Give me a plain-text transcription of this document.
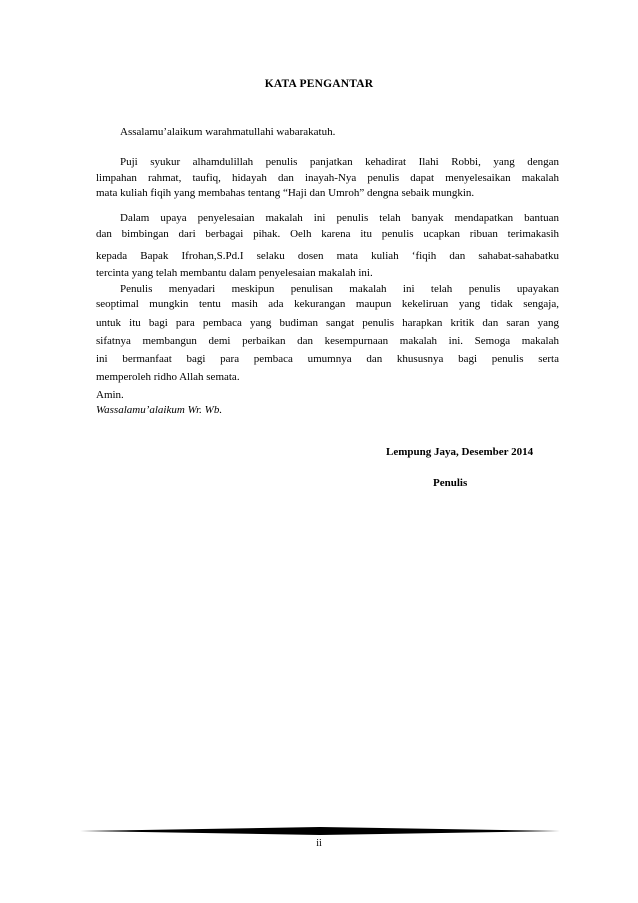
KATA PENGANTAR
Assalamu’alaikum warahmatullahi wabarakatuh.
Puji syukur alhamdulillah penulis panjatkan kehadirat Ilahi Robbi, yang dengan
limpahan rahmat, taufiq, hidayah dan inayah-Nya penulis dapat menyelesaikan makalah
mata kuliah fiqih yang membahas tentang “Haji dan Umroh” dengna sebaik mungkin.
Dalam upaya penyelesaian makalah ini penulis telah banyak mendapatkan bantuan
dan bimbingan dari berbagai pihak. Oelh karena itu penulis ucapkan ribuan terimakasih
kepada Bapak Ifrohan,S.Pd.I selaku dosen mata kuliah ‘fiqih dan sahabat-sahabatku
tercinta yang telah membantu dalam penyelesaian makalah ini.
Penulis menyadari meskipun penulisan makalah ini telah penulis upayakan
seoptimal mungkin tentu masih ada kekurangan maupun kekeliruan yang tidak sengaja,
untuk itu bagi para pembaca yang budiman sangat penulis harapkan kritik dan saran yang
sifatnya membangun demi perbaikan dan kesempurnaan makalah ini. Semoga makalah
ini bermanfaat bagi para pembaca umumnya dan khususnya bagi penulis serta
memperoleh ridho Allah semata.
Amin.
Wassalamu’alaikum Wr. Wb.
Lempung Jaya, Desember 2014
Penulis
ii
